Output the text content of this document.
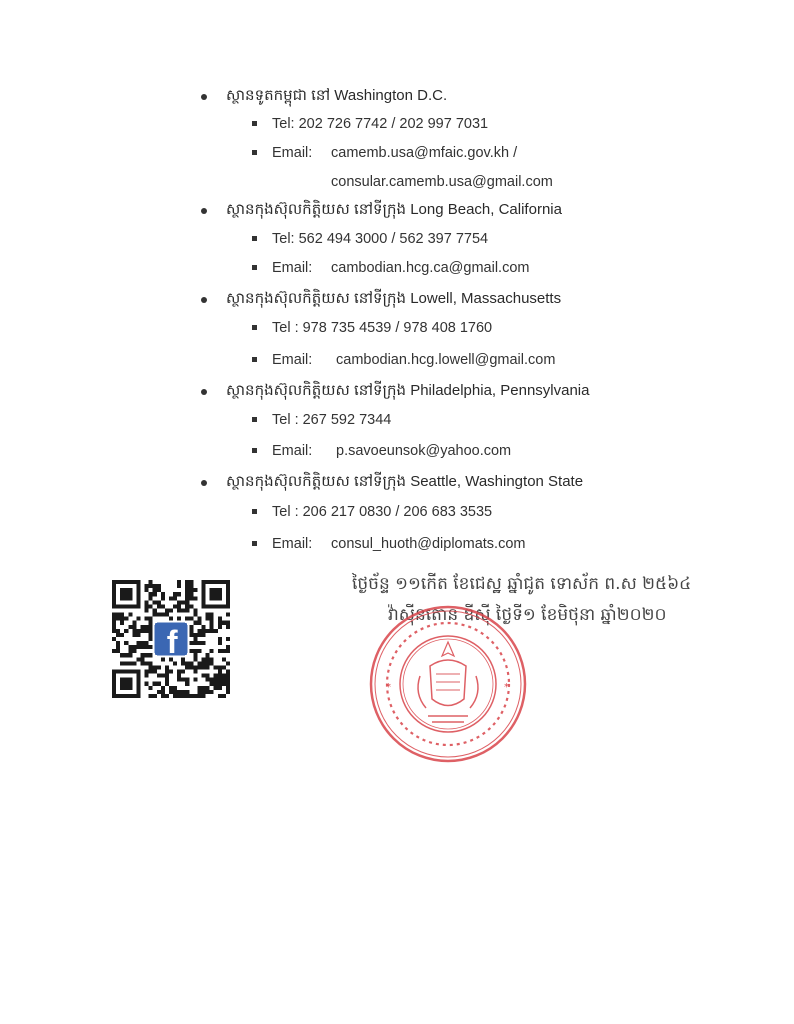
ស្ថានទូតកម្ពុជា នៅ Washington D.C.
Tel: 202 726 7742 / 202 997 7031
Email: camemb.usa@mfaic.gov.kh /
consular.camemb.usa@gmail.com
ស្ថានកុងស៊ុលកិត្តិយស នៅទីក្រុង Long Beach, California
Tel: 562 494 3000 / 562 397 7754
Email: cambodian.hcg.ca@gmail.com
ស្ថានកុងស៊ុលកិត្តិយស នៅទីក្រុង Lowell, Massachusetts
Tel : 978 735 4539 / 978 408 1760
Email: cambodian.hcg.lowell@gmail.com
ស្ថានកុងស៊ុលកិត្តិយស នៅទីក្រុង Philadelphia, Pennsylvania
Tel : 267 592 7344
Email: p.savoeunsok@yahoo.com
ស្ថានកុងស៊ុលកិត្តិយស នៅទីក្រុង Seattle, Washington State
Tel : 206 217 0830 / 206 683 3535
Email: consul_huoth@diplomats.com
f
ថ្ងៃច័ន្ទ ១១កើត ខែជេស្ឋ ឆ្នាំជូត ទោស័ក ព.ស ២៥៦៤
វ៉ាស៊ីនតោន ឌីស៊ី ថ្ងៃទី១ ខែមិថុនា ឆ្នាំ២០២០
*	*
